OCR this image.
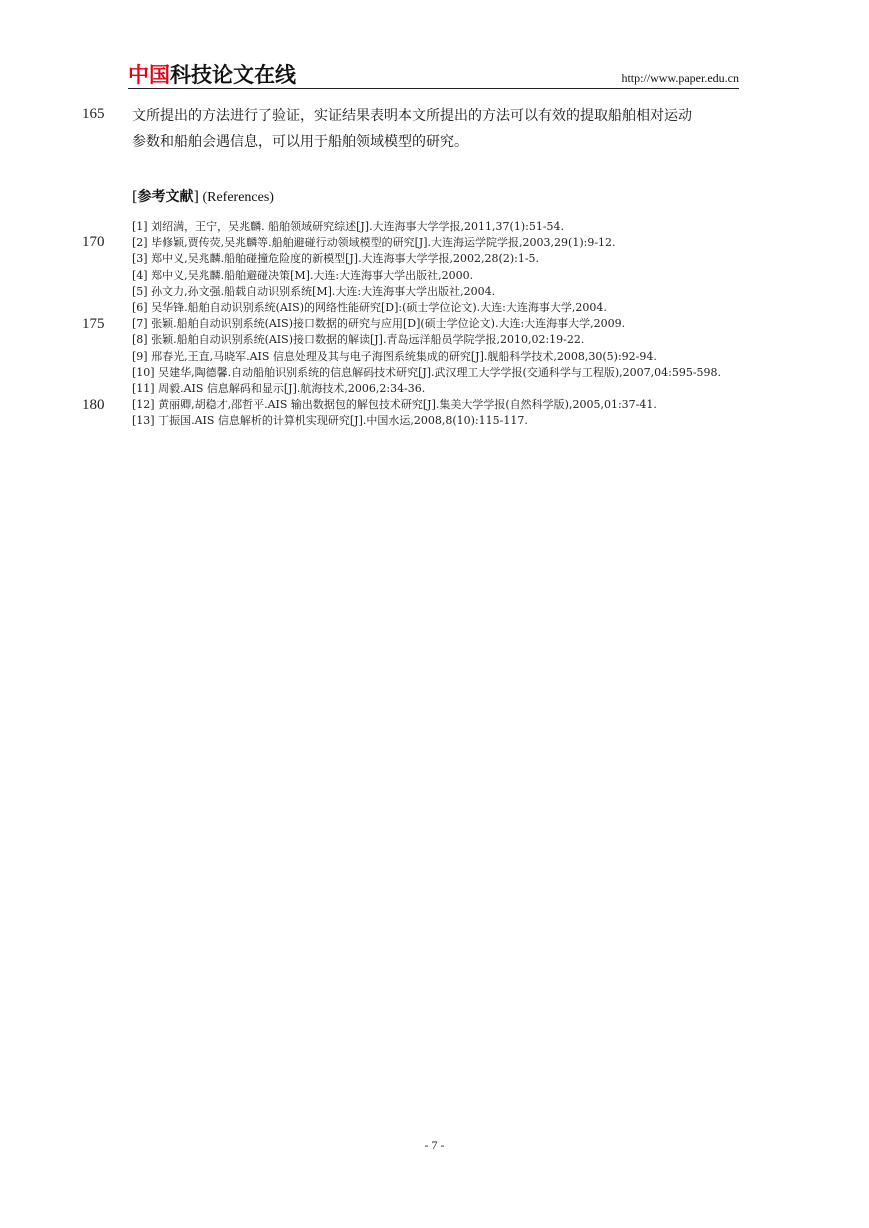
中国科技论文在线	http://www.paper.edu.cn
165
170
175
180
文所提出的方法进行了验证，实证结果表明本文所提出的方法可以有效的提取船舶相对运动
参数和船舶会遇信息，可以用于船舶领域模型的研究。
[参考文献] (References)
[1] 刘绍满，王宁，吴兆麟. 船舶领域研究综述[J].大连海事大学学报,2011,37(1):51-54.
[2] 毕修颖,贾传荧,吴兆麟等.船舶避碰行动领域模型的研究[J].大连海运学院学报,2003,29(1):9-12.
[3] 郑中义,吴兆麟.船舶碰撞危险度的新模型[J].大连海事大学学报,2002,28(2):1-5.
[4] 郑中义,吴兆麟.船舶避碰决策[M].大连:大连海事大学出版社,2000.
[5] 孙文力,孙文强.船载自动识别系统[M].大连:大连海事大学出版社,2004.
[6] 吴华锋.船舶自动识别系统(AIS)的网络性能研究[D]:(硕士学位论文).大连:大连海事大学,2004.
[7] 张颖.船舶自动识别系统(AIS)接口数据的研究与应用[D](硕士学位论文).大连:大连海事大学,2009.
[8] 张颖.船舶自动识别系统(AIS)接口数据的解读[J].青岛远洋船员学院学报,2010,02:19-22.
[9] 邢春光,王直,马晓军.AIS 信息处理及其与电子海图系统集成的研究[J].舰船科学技术,2008,30(5):92-94.
[10] 吴建华,陶德馨.自动船舶识别系统的信息解码技术研究[J].武汉理工大学学报(交通科学与工程版),2007,04:595-598.
[11] 周毅.AIS 信息解码和显示[J].航海技术,2006,2:34-36.
[12] 黄丽卿,胡稳才,邵哲平.AIS 输出数据包的解包技术研究[J].集美大学学报(自然科学版),2005,01:37-41.
[13] 丁振国.AIS 信息解析的计算机实现研究[J].中国水运,2008,8(10):115-117.
- 7 -
